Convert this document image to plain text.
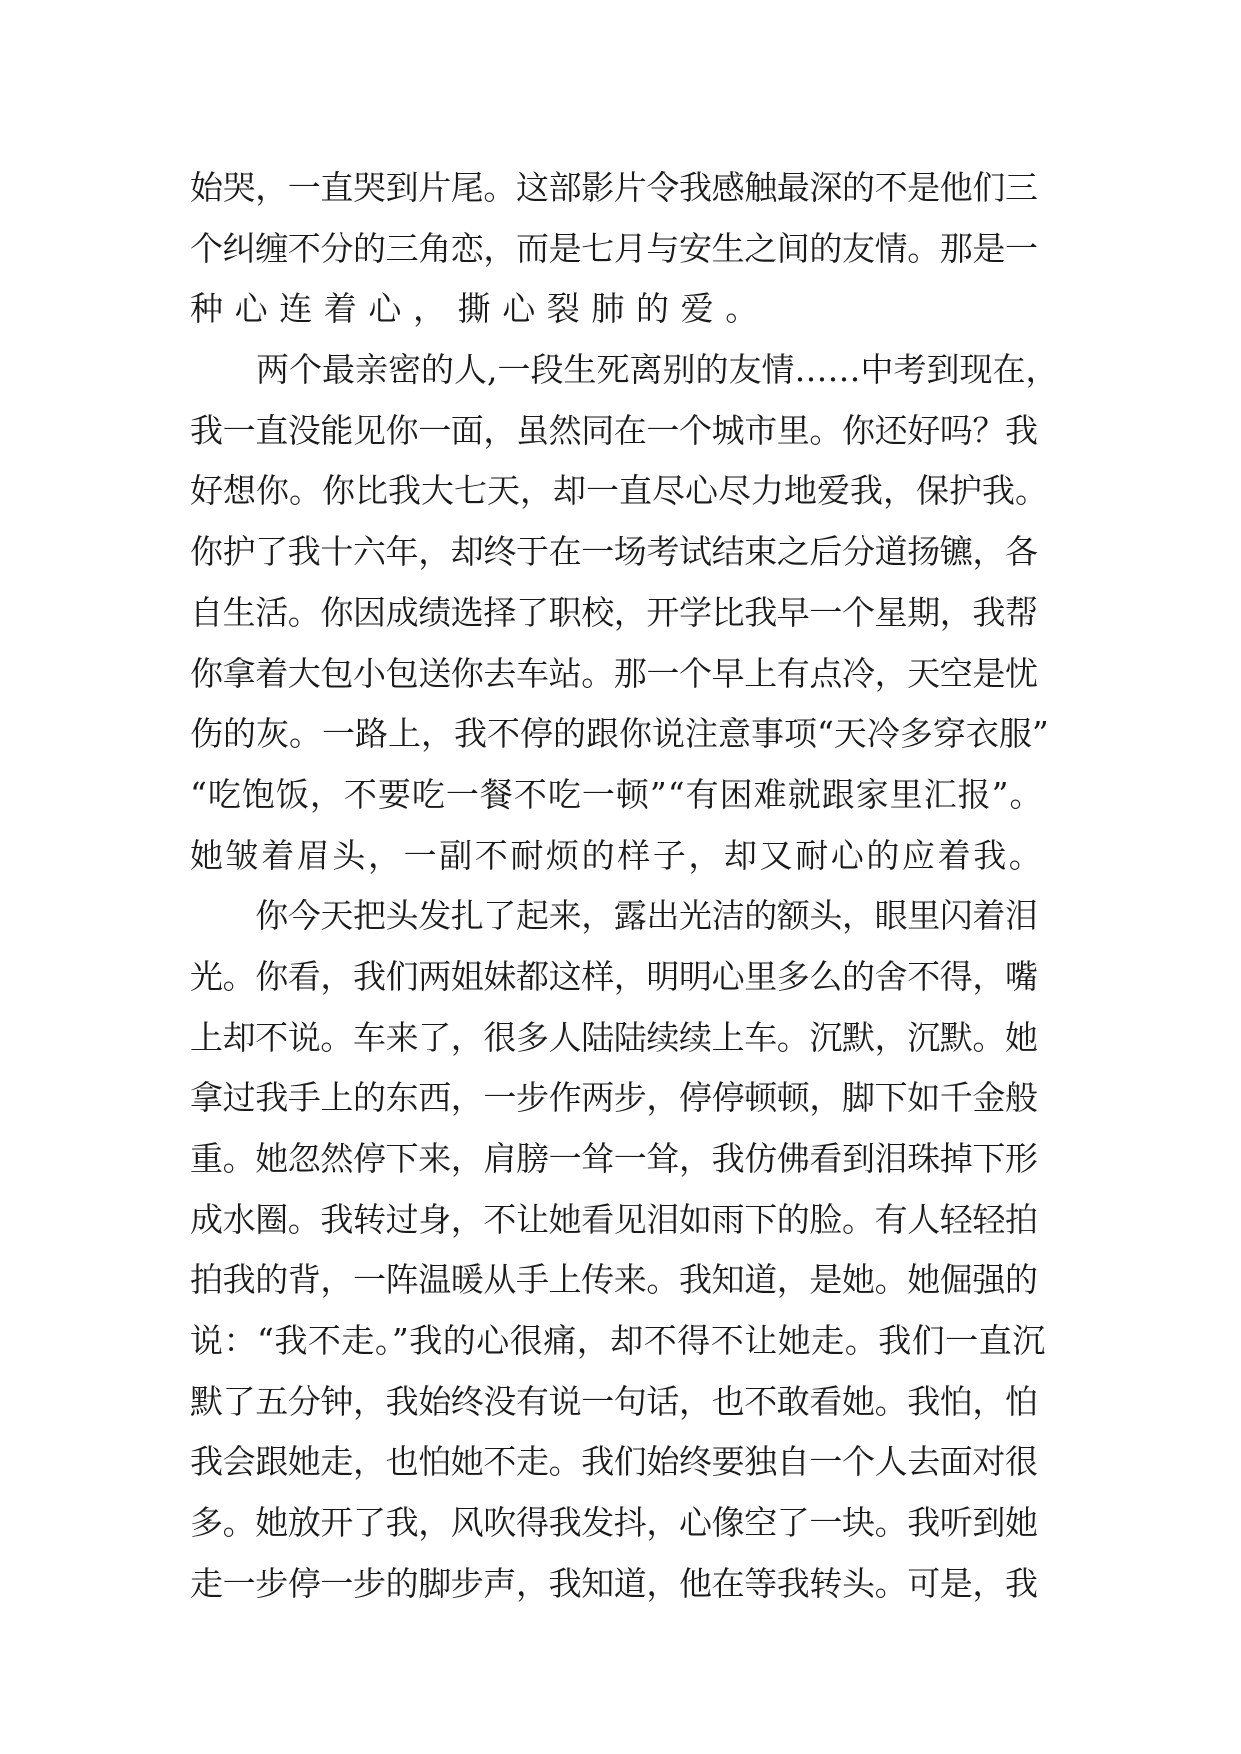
始哭，一直哭到片尾。这部影片令我感触最深的不是他们三
个纠缠不分的三角恋，而是七月与安生之间的友情。那是一
种心连着心，撕心裂肺的爱。
　　两个最亲密的人,一段生死离别的友情……中考到现在，
我一直没能见你一面，虽然同在一个城市里。你还好吗？我
好想你。你比我大七天，却一直尽心尽力地爱我，保护我。
你护了我十六年，却终于在一场考试结束之后分道扬镳，各
自生活。你因成绩选择了职校，开学比我早一个星期，我帮
你拿着大包小包送你去车站。那一个早上有点冷，天空是忧
伤的灰。一路上，我不停的跟你说注意事项“天冷多穿衣服”
“吃饱饭，不要吃一餐不吃一顿”“有困难就跟家里汇报”。
她皱着眉头，一副不耐烦的样子，却又耐心的应着我。
　　你今天把头发扎了起来，露出光洁的额头，眼里闪着泪
光。你看，我们两姐妹都这样，明明心里多么的舍不得，嘴
上却不说。车来了，很多人陆陆续续上车。沉默，沉默。她
拿过我手上的东西，一步作两步，停停顿顿，脚下如千金般
重。她忽然停下来，肩膀一耸一耸，我仿佛看到泪珠掉下形
成水圈。我转过身，不让她看见泪如雨下的脸。有人轻轻拍
拍我的背，一阵温暖从手上传来。我知道，是她。她倔强的
说：“我不走。”我的心很痛，却不得不让她走。我们一直沉
默了五分钟，我始终没有说一句话，也不敢看她。我怕，怕
我会跟她走，也怕她不走。我们始终要独自一个人去面对很
多。她放开了我，风吹得我发抖，心像空了一块。我听到她
走一步停一步的脚步声，我知道，他在等我转头。可是，我
